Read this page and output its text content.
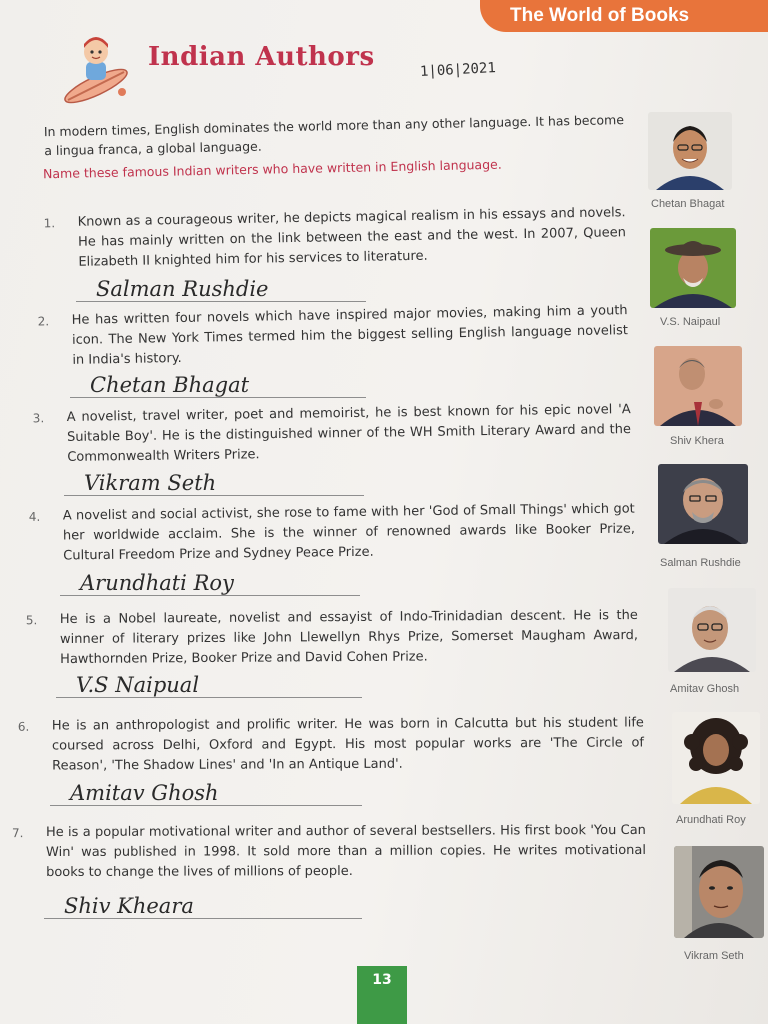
The World of Books
Indian Authors	1|06|2021
In modern times, English dominates the world more than any other language. It has become a lingua franca, a global language.
Name these famous Indian writers who have written in English language.
1. Known as a courageous writer, he depicts magical realism in his essays and novels. He has mainly written on the link between the east and the west. In 2007, Queen Elizabeth II knighted him for his services to literature.
Salman Rushdie
2. He has written four novels which have inspired major movies, making him a youth icon. The New York Times termed him the biggest selling English language novelist in India's history.
Chetan Bhagat
3. A novelist, travel writer, poet and memoirist, he is best known for his epic novel 'A Suitable Boy'. He is the distinguished winner of the WH Smith Literary Award and the Commonwealth Writers Prize.
Vikram Seth
4. A novelist and social activist, she rose to fame with her 'God of Small Things' which got her worldwide acclaim. She is the winner of renowned awards like Booker Prize, Cultural Freedom Prize and Sydney Peace Prize.
Arundhati Roy
5. He is a Nobel laureate, novelist and essayist of Indo-Trinidadian descent. He is the winner of literary prizes like John Llewellyn Rhys Prize, Somerset Maugham Award, Hawthornden Prize, Booker Prize and David Cohen Prize.
V.S Naipual
6. He is an anthropologist and prolific writer. He was born in Calcutta but his student life coursed across Delhi, Oxford and Egypt. His most popular works are 'The Circle of Reason', 'The Shadow Lines' and 'In an Antique Land'.
Amitav Ghosh
7. He is a popular motivational writer and author of several bestsellers. His first book 'You Can Win' was published in 1998. It sold more than a million copies. He writes motivational books to change the lives of millions of people.
Shiv Kheara
Chetan Bhagat
V.S. Naipaul
Shiv Khera
Salman Rushdie
Amitav Ghosh
Arundhati Roy
Vikram Seth
13
